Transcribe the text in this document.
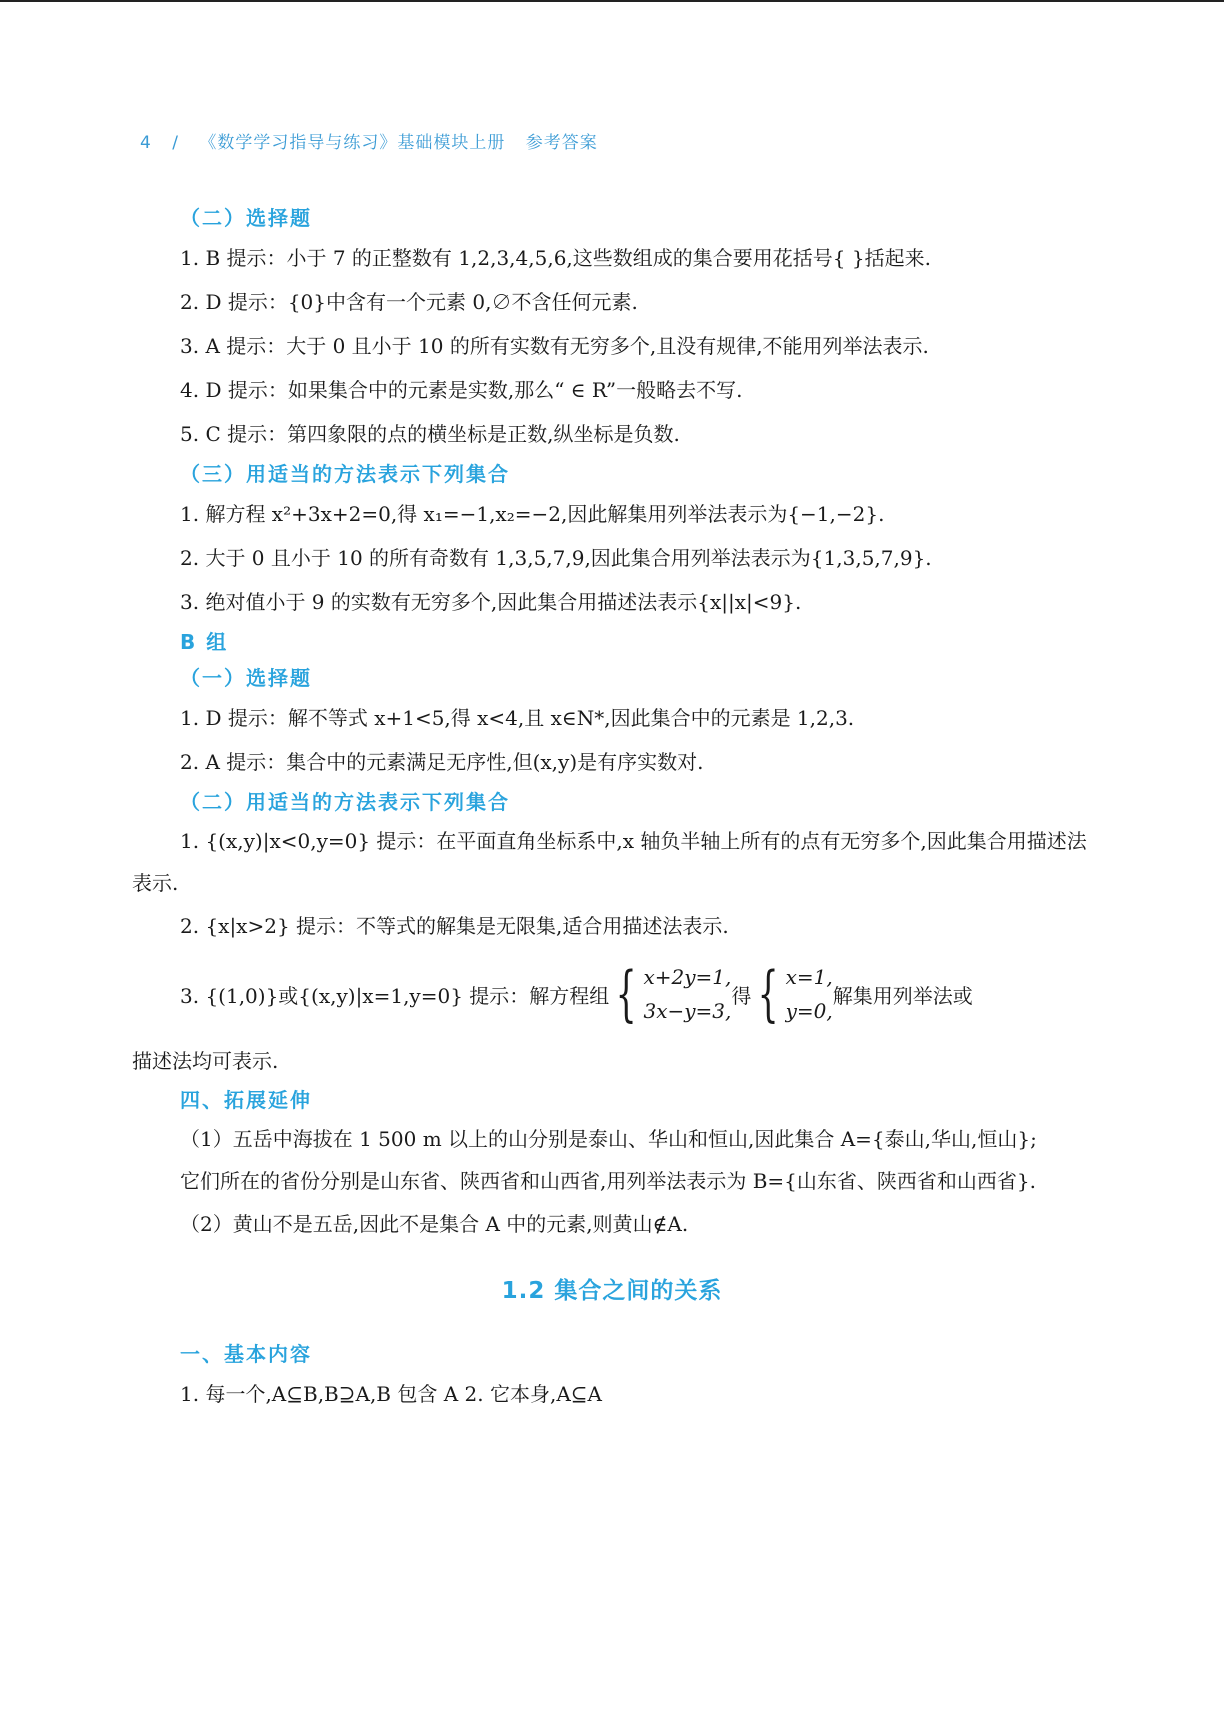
4 / 《数学学习指导与练习》基础模块上册 参考答案
（二）选择题

1. B 提示：小于 7 的正整数有 1,2,3,4,5,6,这些数组成的集合要用花括号{ }括起来.

2. D 提示：{0}中含有一个元素 0,∅不含任何元素.

3. A 提示：大于 0 且小于 10 的所有实数有无穷多个,且没有规律,不能用列举法表示.

4. D 提示：如果集合中的元素是实数,那么“ ∈ R”一般略去不写.

5. C 提示：第四象限的点的横坐标是正数,纵坐标是负数.

（三）用适当的方法表示下列集合

1. 解方程 x²+3x+2=0,得 x₁=−1,x₂=−2,因此解集用列举法表示为{−1,−2}.

2. 大于 0 且小于 10 的所有奇数有 1,3,5,7,9,因此集合用列举法表示为{1,3,5,7,9}.

3. 绝对值小于 9 的实数有无穷多个,因此集合用描述法表示{x||x|<9}.

B 组
（一）选择题

1. D 提示：解不等式 x+1<5,得 x<4,且 x∈N*,因此集合中的元素是 1,2,3.

2. A 提示：集合中的元素满足无序性,但(x,y)是有序实数对.

（二）用适当的方法表示下列集合

1. {(x,y)|x<0,y=0} 提示：在平面直角坐标系中,x 轴负半轴上所有的点有无穷多个,因此集合用描述法表示.

2. {x|x>2} 提示：不等式的解集是无限集,适合用描述法表示.

3. {(1,0)}或{(x,y)|x=1,y=0} 提示：解方程组 { x+2y=1,
3x−y=3,
得 { x=1,
y=0,
解集用列举法或

描述法均可表示.

四、拓展延伸

（1）五岳中海拔在 1 500 m 以上的山分别是泰山、华山和恒山,因此集合 A={泰山,华山,恒山};

它们所在的省份分别是山东省、陕西省和山西省,用列举法表示为 B={山东省、陕西省和山西省}.

（2）黄山不是五岳,因此不是集合 A 中的元素,则黄山∉A.

1.2 集合之间的关系
一、基本内容

1. 每一个,A⊆B,B⊇A,B 包含 A 2. 它本身,A⊆A
